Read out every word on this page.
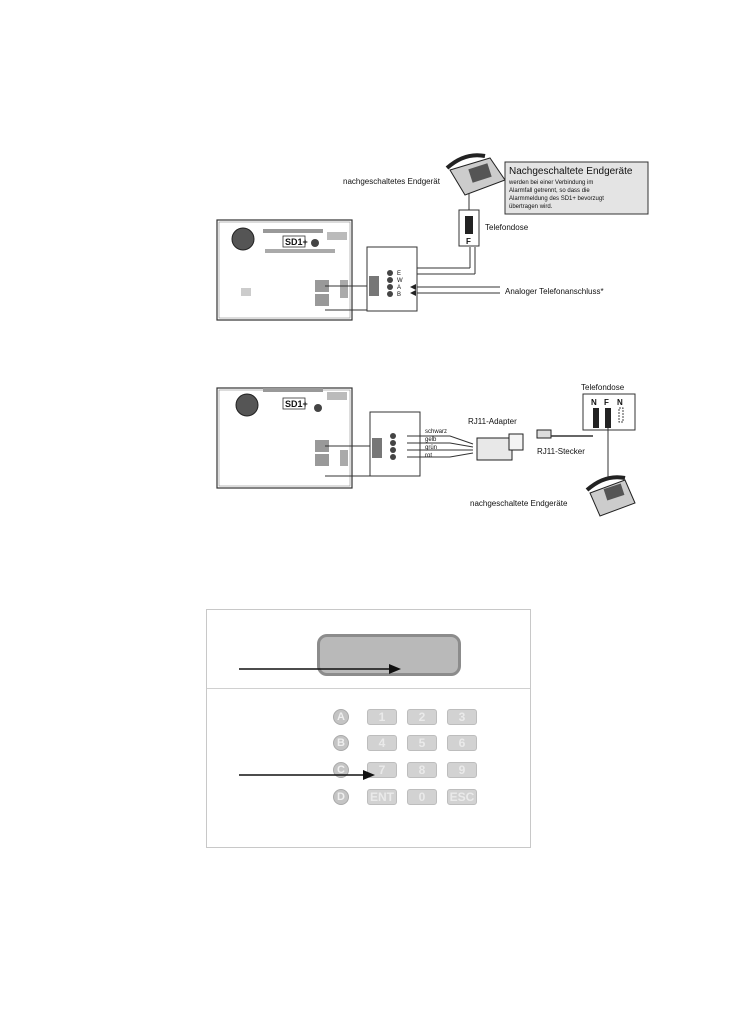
SD1+
E
W
A
B
F
Telefondose
Analoger Telefonanschluss*
nachgeschaltetes Endgerät
Nachgeschaltete Endgeräte
werden bei einer Verbindung im
Alarmfall getrennt, so dass die
Alarmmeldung des SD1+ bevorzugt
übertragen wird.
SD1+
schwarz
gelb
grün
rot
RJ11-Adapter
RJ11-Stecker
N F N
Telefondose
nachgeschaltete Endgeräte
A
B
C
D
1	2	3
4	5	6
7	8	9
ENT	0	ESC
